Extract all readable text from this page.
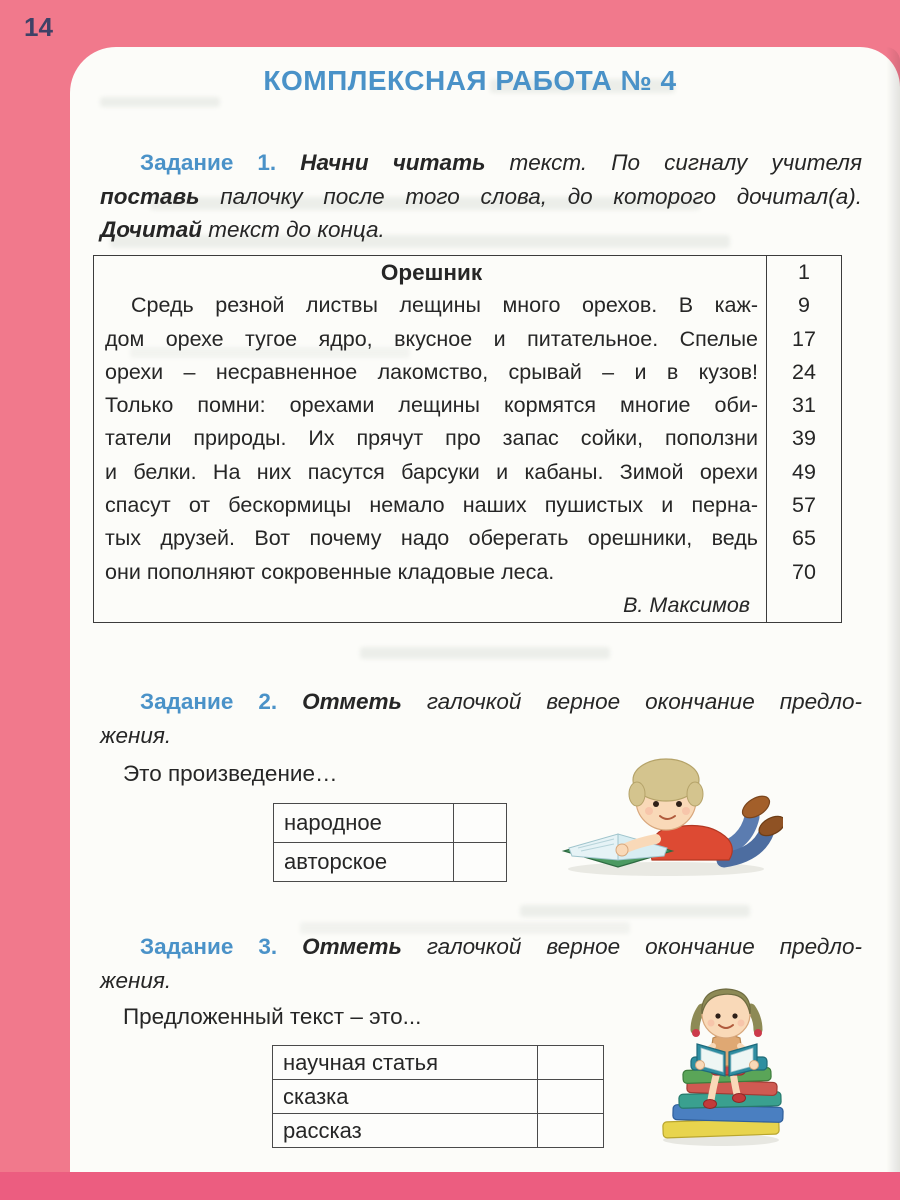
14
КОМПЛЕКСНАЯ РАБОТА № 4
Задание 1. Начни читать текст. По сигналу учителя
поставь палочку после того слова, до которого дочитал(а).
Дочитай текст до конца.
Орешник	1
Средь резной листвы лещины много орехов. В каж-	9
дом орехе тугое ядро, вкусное и питательное. Спелые	17
орехи – несравненное лакомство, срывай – и в кузов!	24
Только помни: орехами лещины кормятся многие оби-	31
татели природы. Их прячут про запас сойки, поползни	39
и белки. На них пасутся барсуки и кабаны. Зимой орехи	49
спасут от бескормицы немало наших пушистых и перна-	57
тых друзей. Вот почему надо оберегать орешники, ведь	65
они пополняют сокровенные кладовые леса.	70
В. Максимов
Задание 2. Отметь галочкой верное окончание предло-
жения.
Это произведение…
народное
авторское
Задание 3. Отметь галочкой верное окончание предло-
жения.
Предложенный текст – это...
научная статья
сказка
рассказ
